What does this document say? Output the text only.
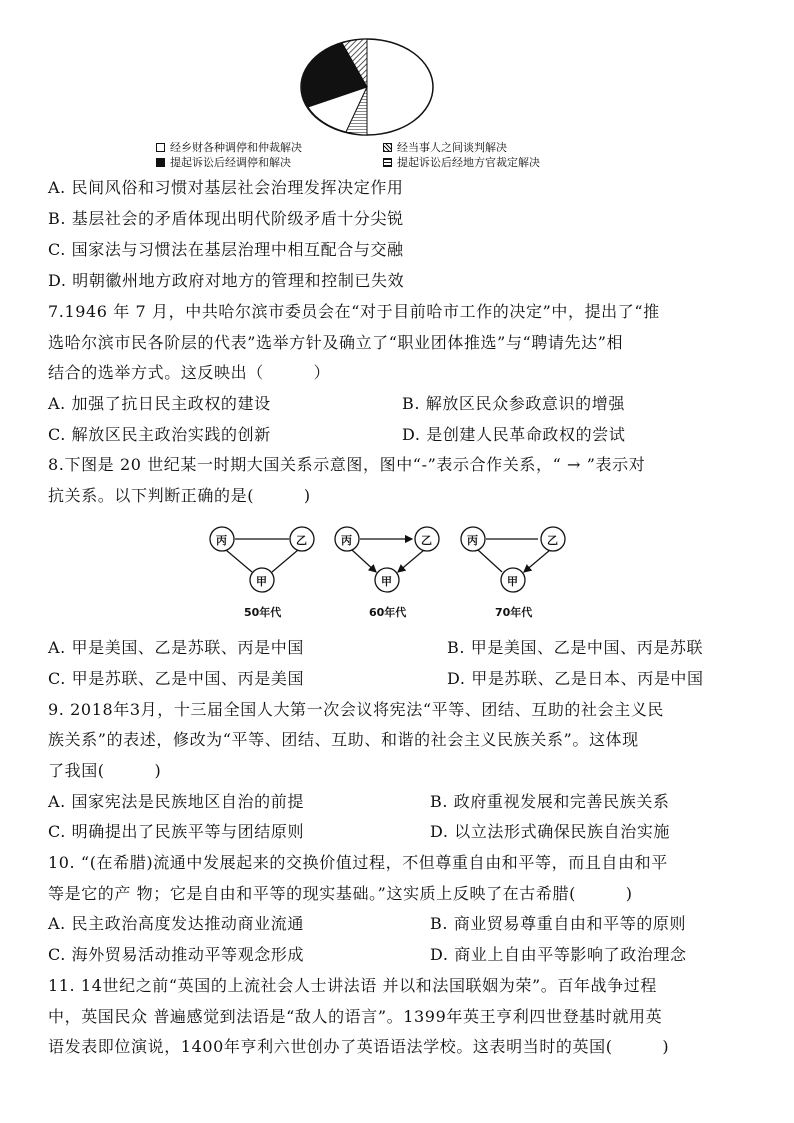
经乡财各种调停和仲裁解决	经当事人之间谈判解决
提起诉讼后经调停和解决	提起诉讼后经地方官裁定解决
A. 民间风俗和习惯对基层社会治理发挥决定作用
B. 基层社会的矛盾体现出明代阶级矛盾十分尖锐
C. 国家法与习惯法在基层治理中相互配合与交融
D. 明朝徽州地方政府对地方的管理和控制已失效
7.1946 年 7 月，中共哈尔滨市委员会在“对于目前哈市工作的决定”中，提出了“推
选哈尔滨市民各阶层的代表”选举方针及确立了“职业团体推选”与“聘请先达”相
结合的选举方式。这反映出（　　　）
A. 加强了抗日民主政权的建设	B. 解放区民众参政意识的增强
C. 解放区民主政治实践的创新	D. 是创建人民革命政权的尝试
8.下图是 20 世纪某一时期大国关系示意图，图中“-”表示合作关系，“ → ”表示对
抗关系。以下判断正确的是(　　　)
丙	乙
甲
丙	乙
甲
丙	乙
甲
50年代	60年代	70年代
A. 甲是美国、乙是苏联、丙是中国	B. 甲是美国、乙是中国、丙是苏联
C. 甲是苏联、乙是中国、丙是美国	D. 甲是苏联、乙是日本、丙是中国
9. 2018年3月，十三届全国人大第一次会议将宪法“平等、团结、互助的社会主义民
族关系”的表述，修改为“平等、团结、互助、和谐的社会主义民族关系”。这体现
了我国(　　　)
A. 国家宪法是民族地区自治的前提	B. 政府重视发展和完善民族关系
C. 明确提出了民族平等与团结原则	D. 以立法形式确保民族自治实施
10. “(在希腊)流通中发展起来的交换价值过程，不但尊重自由和平等，而且自由和平
等是它的产 物；它是自由和平等的现实基础。”这实质上反映了在古希腊(　　　)
A. 民主政治高度发达推动商业流通	B. 商业贸易尊重自由和平等的原则
C. 海外贸易活动推动平等观念形成	D. 商业上自由平等影响了政治理念
11. 14世纪之前“英国的上流社会人士讲法语 并以和法国联姻为荣”。百年战争过程
中，英国民众 普遍感觉到法语是“敌人的语言”。1399年英王亨利四世登基时就用英
语发表即位演说，1400年亨利六世创办了英语语法学校。这表明当时的英国(　　　)
